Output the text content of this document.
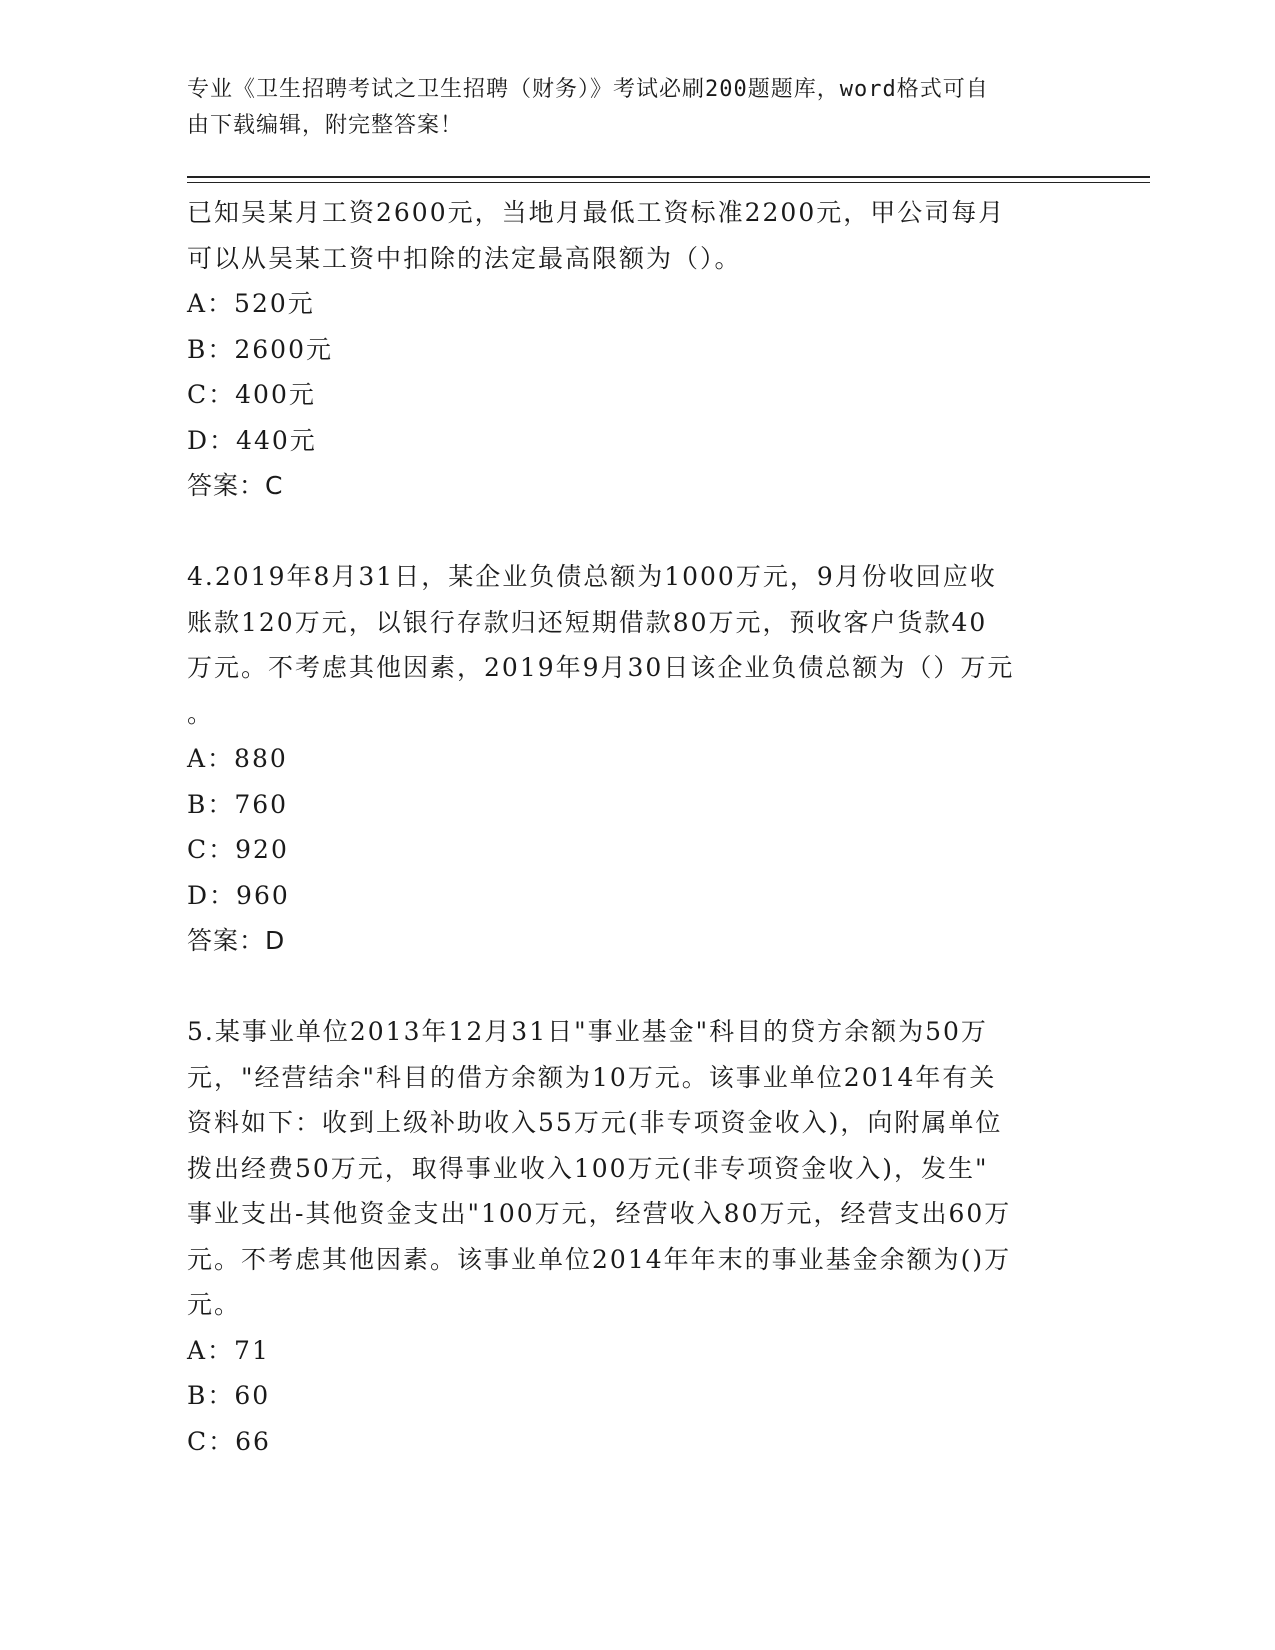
专业《卫生招聘考试之卫生招聘（财务）》考试必刷200题题库，word格式可自
由下载编辑，附完整答案！
已知吴某月工资2600元，当地月最低工资标准2200元，甲公司每月
可以从吴某工资中扣除的法定最高限额为（）。
A：520元
B：2600元
C：400元
D：440元
答案：C
4.2019年8月31日，某企业负债总额为1000万元，9月份收回应收
账款120万元，以银行存款归还短期借款80万元，预收客户货款40
万元。不考虑其他因素，2019年9月30日该企业负债总额为（）万元
。
A：880
B：760
C：920
D：960
答案：D
5.某事业单位2013年12月31日"事业基金"科目的贷方余额为50万
元，"经营结余"科目的借方余额为10万元。该事业单位2014年有关
资料如下：收到上级补助收入55万元(非专项资金收入)，向附属单位
拨出经费50万元，取得事业收入100万元(非专项资金收入)，发生"
事业支出-其他资金支出"100万元，经营收入80万元，经营支出60万
元。不考虑其他因素。该事业单位2014年年末的事业基金余额为()万
元。
A：71
B：60
C：66
